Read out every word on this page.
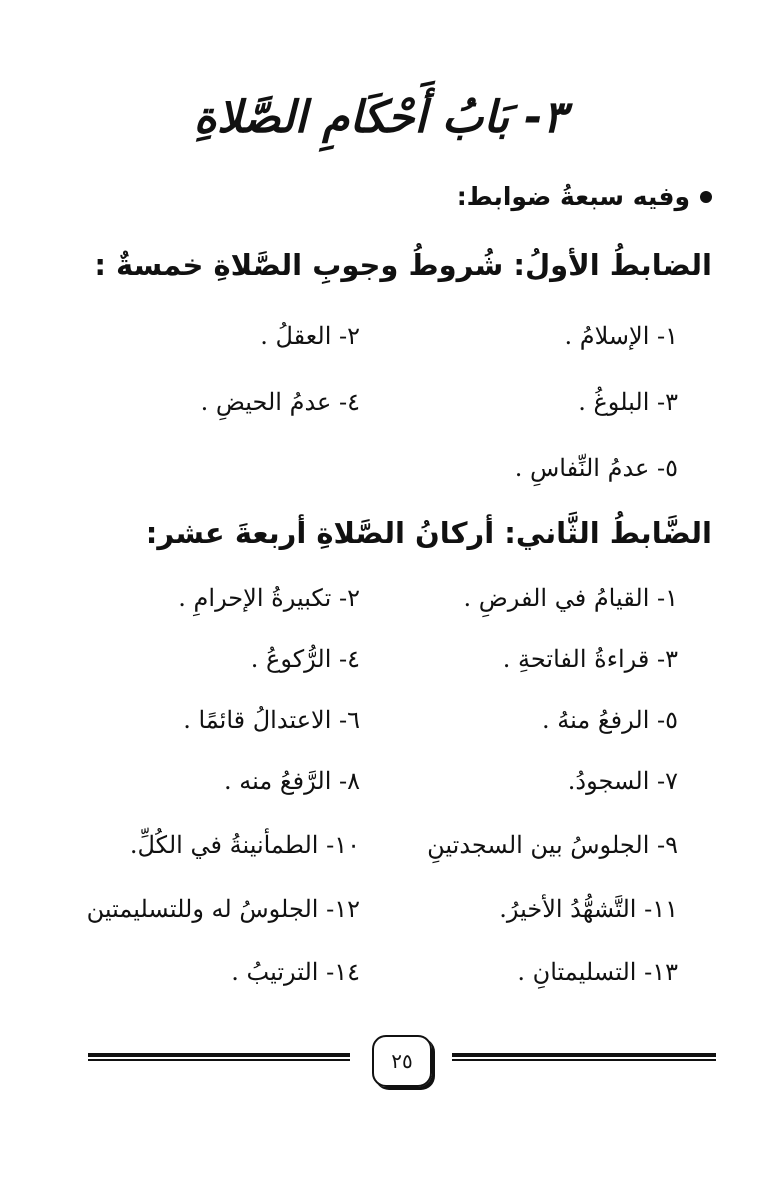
٣- بَابُ أَحْكَامِ الصَّلاةِ
وفيه سبعةُ ضوابط:
الضابطُ الأولُ: شُروطُ وجوبِ الصَّلاةِ خمسةٌ :
١- الإسلامُ .
٢- العقلُ .
٣- البلوغُ .
٤- عدمُ الحيضِ .
٥- عدمُ النِّفاسِ .
الضَّابطُ الثَّاني: أركانُ الصَّلاةِ أربعةَ عشر:
١- القيامُ في الفرضِ .
٢- تكبيرةُ الإحرامِ .
٣- قراءةُ الفاتحةِ .
٤- الرُّكوعُ .
٥- الرفعُ منهُ .
٦- الاعتدالُ قائمًا .
٧- السجودُ.
٨- الرَّفعُ منه .
٩- الجلوسُ بين السجدتينِ
١٠- الطمأنينةُ في الكُلِّ.
١١- التَّشهُّدُ الأخيرُ.
١٢- الجلوسُ له وللتسليمتين
١٣- التسليمتانِ .
١٤- الترتيبُ .
٢٥
